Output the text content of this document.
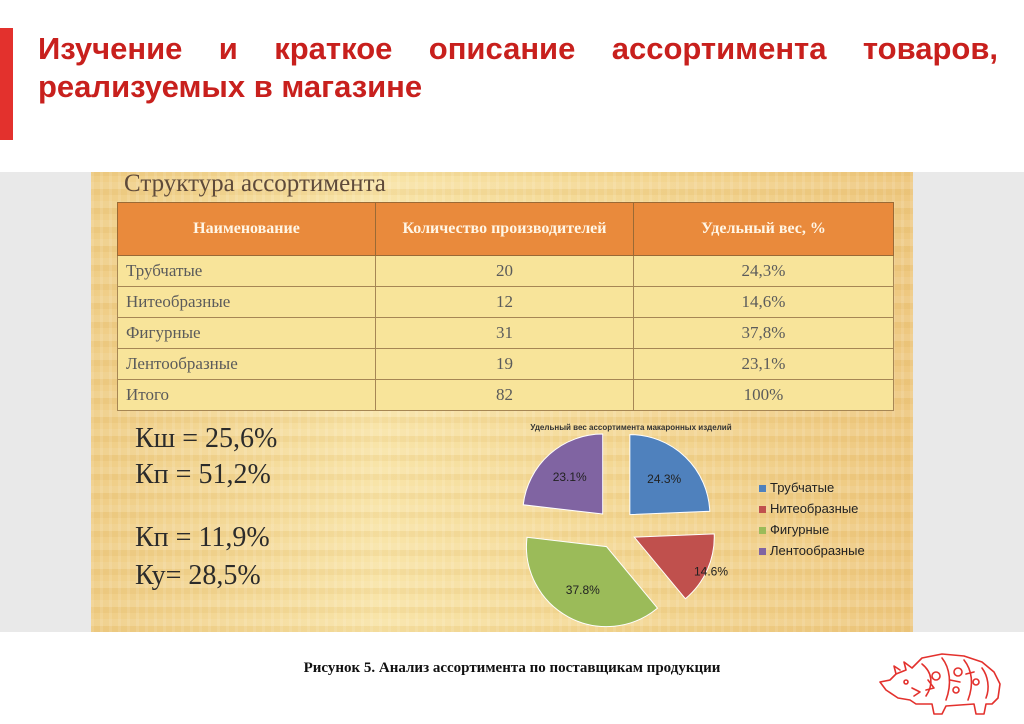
Изучение и краткое описание ассортимента товаров, реализуемых в магазине
Структура ассортимента
Наименование	Количество производителей	Удельный вес, %
Трубчатые	20	24,3%
Нитеобразные	12	14,6%
Фигурные	31	37,8%
Лентообразные	19	23,1%
Итого	82	100%
Кш = 25,6%
Кп = 51,2%
Кп = 11,9%
Ку= 28,5%
Удельный вес ассортимента макаронных изделий
24.3%
14.6%
37.8%
23.1%
Трубчатые
Нитеобразные
Фигурные
Лентообразные

Рисунок 5. Анализ ассортимента по поставщикам продукции
